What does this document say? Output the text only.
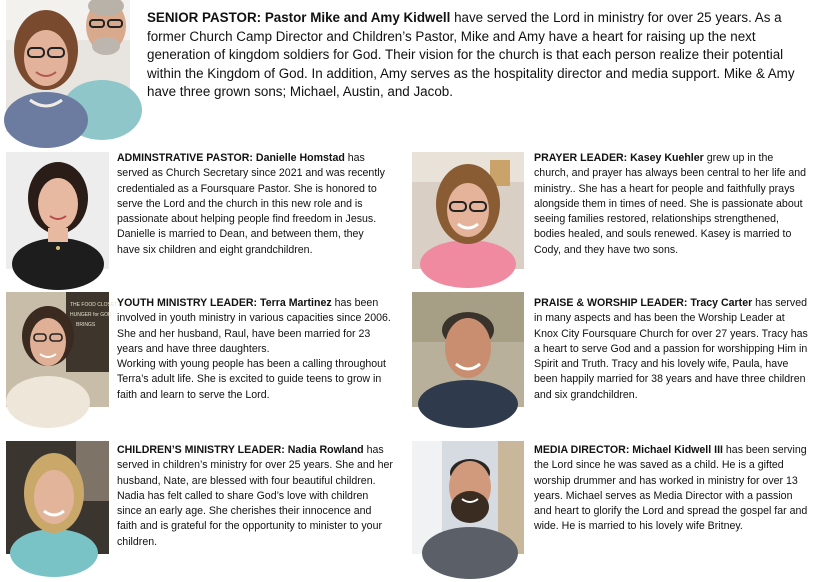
SENIOR PASTOR: Pastor Mike and Amy Kidwell have served the Lord in ministry for over 25 years. As a former Church Camp Director and Children’s Pastor, Mike and Amy have a heart for raising up the next generation of kingdom soldiers for God. Their vision for the church is that each person realize their potential within the Kingdom of God. In addition, Amy serves as the hospitality director and media support. Mike & Amy have three grown sons; Michael, Austin, and Jacob.
ADMINSTRATIVE PASTOR: Danielle Homstad has served as Church Secretary since 2021 and was recently credentialed as a Foursquare Pastor. She is honored to serve the Lord and the church in this new role and is passionate about helping people find freedom in Jesus. Danielle is married to Dean, and between them, they have six children and eight grandchildren.
PRAYER LEADER: Kasey Kuehler grew up in the church, and prayer has always been central to her life and ministry.. She has a heart for people and faithfully prays alongside them in times of need. She is passionate about seeing families restored, relationships strengthened, bodies healed, and souls renewed. Kasey is married to Cody, and they have two sons.
THE FOOD CLOSET
HUNGER for GOD
BRINGS
YOUTH MINISTRY LEADER: Terra Martinez has been involved in youth ministry in various capacities since 2006. She and her husband, Raul, have been married for 23 years and have three daughters.
Working with young people has been a calling throughout Terra’s adult life. She is excited to guide teens to grow in faith and learn to serve the Lord.
PRAISE & WORSHIP LEADER: Tracy Carter has served in many aspects and has been the Worship Leader at Knox City Foursquare Church for over 27 years. Tracy has a heart to serve God and a passion for worshipping Him in Spirit and Truth. Tracy and his lovely wife, Paula, have been happily married for 38 years and have three children and six grandchildren.
CHILDREN’S MINISTRY LEADER: Nadia Rowland has served in children’s ministry for over 25 years. She and her husband, Nate, are blessed with four beautiful children. Nadia has felt called to share God’s love with children since an early age. She cherishes their innocence and faith and is grateful for the opportunity to minister to your children.
MEDIA DIRECTOR: Michael Kidwell III has been serving the Lord since he was saved as a child. He is a gifted worship drummer and has worked in ministry for over 13 years. Michael serves as Media Director with a passion and heart to glorify the Lord and spread the gospel far and wide. He is married to his lovely wife Britney.
